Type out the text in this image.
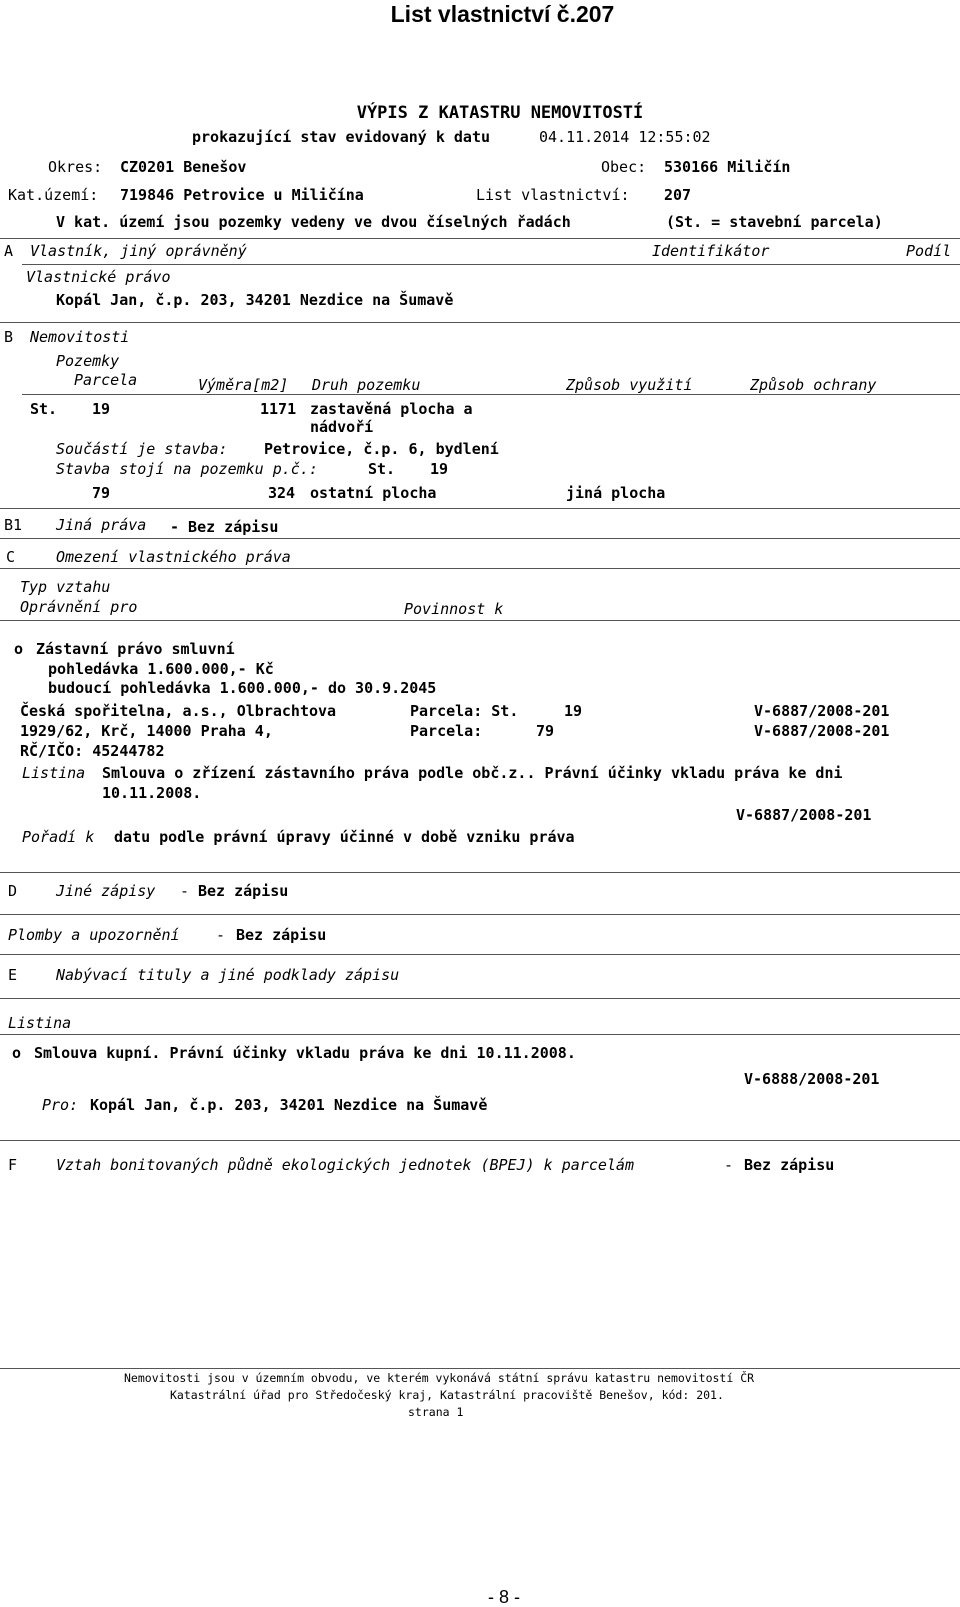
List vlastnictví č.207
VÝPIS Z KATASTRU NEMOVITOSTÍ
prokazující stav evidovaný k datu	04.11.2014 12:55:02
Okres: CZ0201 Benešov	Obec: 530166 Miličín
Kat.území: 719846 Petrovice u Miličína	List vlastnictví: 207
V kat. území jsou pozemky vedeny ve dvou číselných řadách	(St. = stavební parcela)
A Vlastník, jiný oprávněný	Identifikátor	Podíl
Vlastnické právo
Kopál Jan, č.p. 203, 34201 Nezdice na Šumavě
B Nemovitosti
Pozemky
Parcela	Výměra[m2] Druh pozemku	Způsob využití	Způsob ochrany
St. 19	1171 zastavěná plocha a
nádvoří
Součástí je stavba: Petrovice, č.p. 6, bydlení
Stavba stojí na pozemku p.č.:	St. 19
79	324 ostatní plocha	jiná plocha
B1 Jiná práva - Bez zápisu
C	Omezení vlastnického práva
Typ vztahu
Oprávnění pro	Povinnost k
o Zástavní právo smluvní
pohledávka 1.600.000,- Kč
budoucí pohledávka 1.600.000,- do 30.9.2045
Česká spořitelna, a.s., Olbrachtova
1929/62, Krč, 14000 Praha 4,
RČ/IČO: 45244782
Parcela: St.	19	V-6887/2008-201
Parcela:	79	V-6887/2008-201
Listina Smlouva o zřízení zástavního práva podle obč.z.. Právní účinky vkladu práva ke dni
10.11.2008.
V-6887/2008-201
Pořadí k datu podle právní úpravy účinné v době vzniku práva
D	Jiné zápisy - Bez zápisu
Plomby a upozornění - Bez zápisu
E	Nabývací tituly a jiné podklady zápisu
Listina
o Smlouva kupní. Právní účinky vkladu práva ke dni 10.11.2008.
V-6888/2008-201
Pro: Kopál Jan, č.p. 203, 34201 Nezdice na Šumavě
F	Vztah bonitovaných půdně ekologických jednotek (BPEJ) k parcelám	- Bez zápisu
Nemovitosti jsou v územním obvodu, ve kterém vykonává státní správu katastru nemovitostí ČR
Katastrální úřad pro Středočeský kraj, Katastrální pracoviště Benešov, kód: 201.
strana 1
- 8 -
